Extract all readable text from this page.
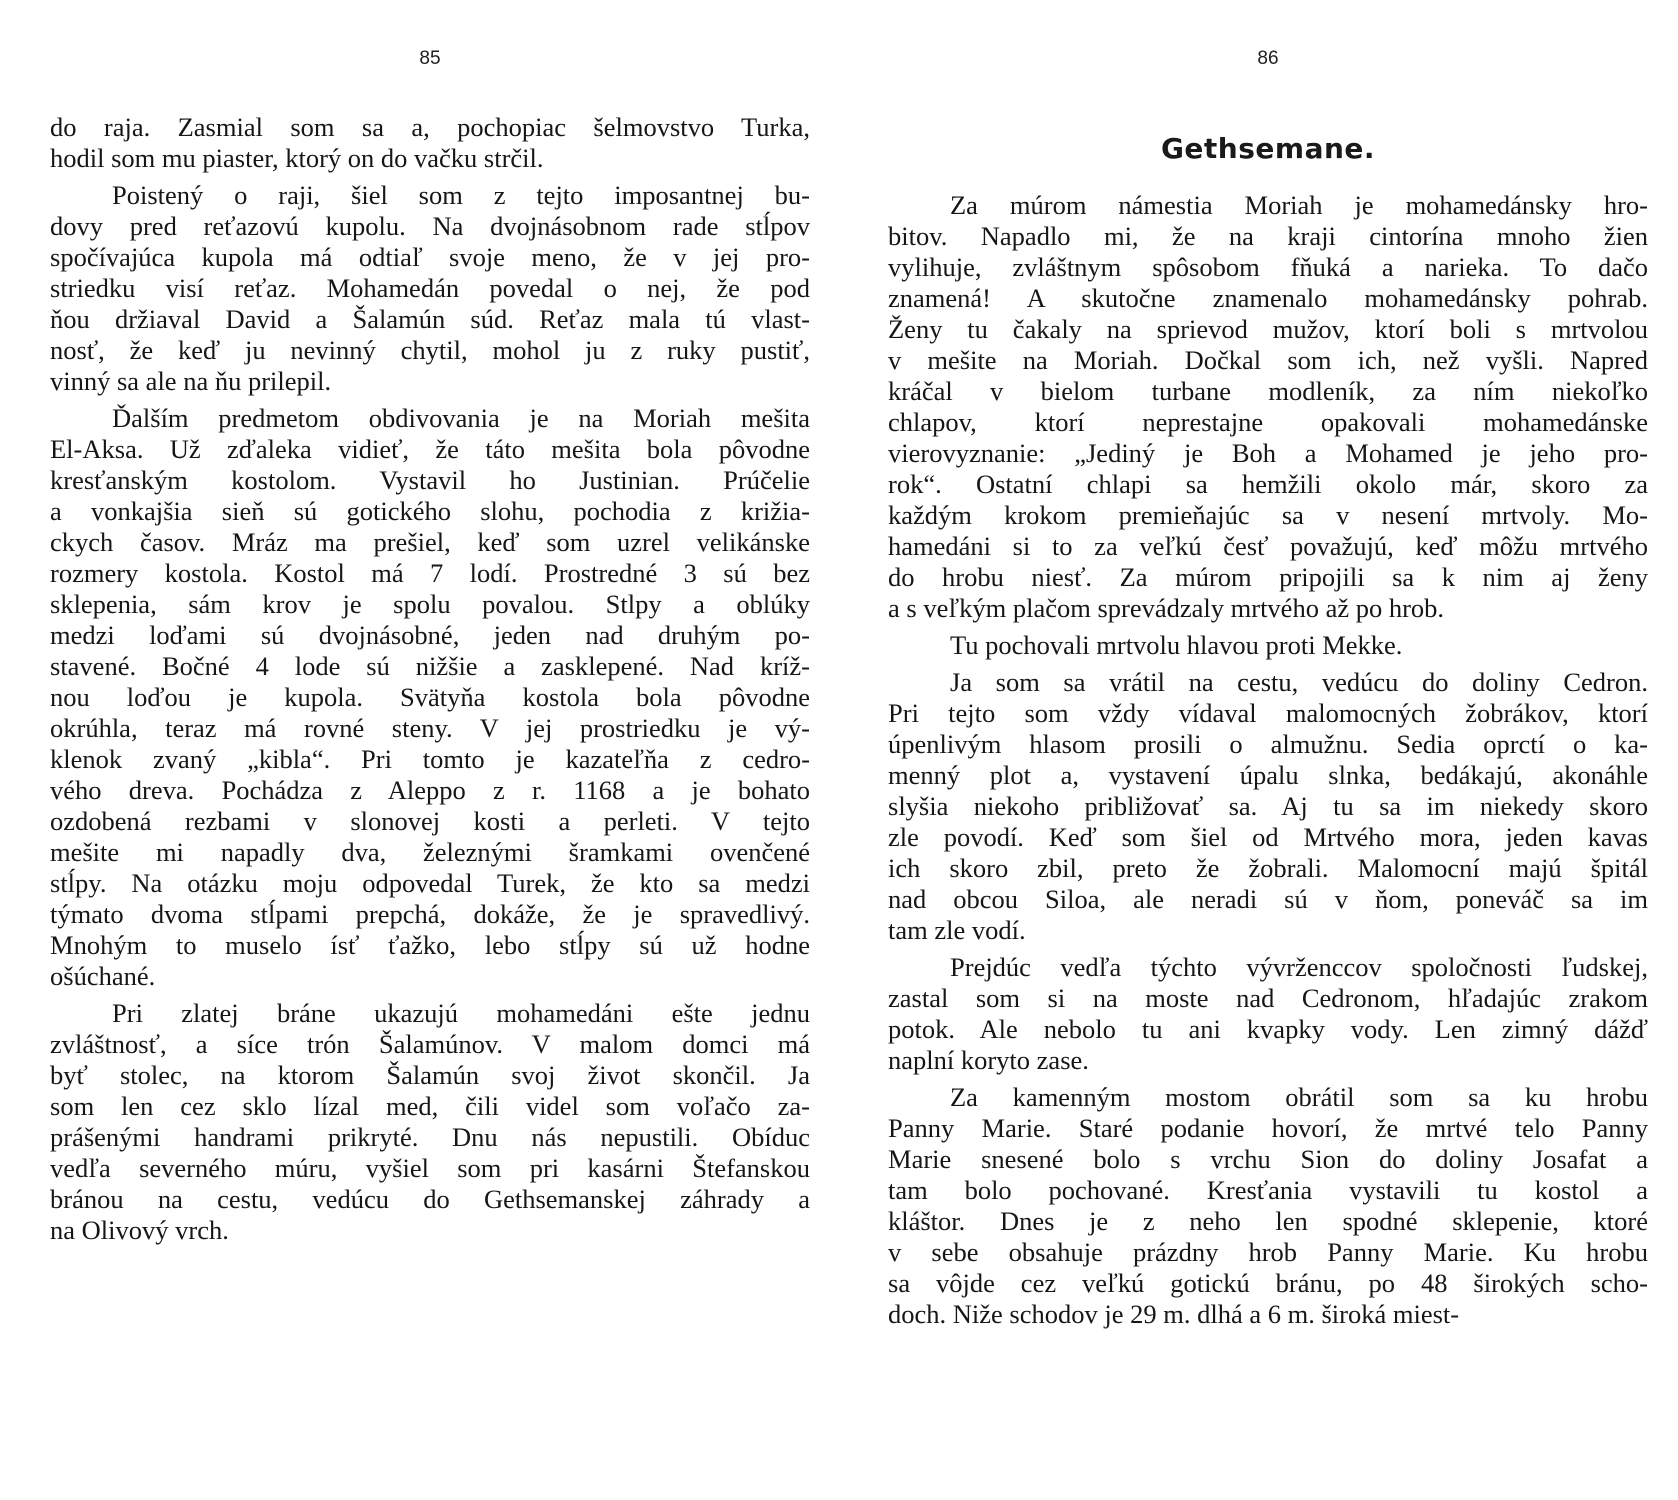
85
do raja. Zasmial som sa a, pochopiac šelmovstvo Turka,
hodil som mu piaster, ktorý on do vačku strčil.
Poistený o raji, šiel som z tejto imposantnej bu-
dovy pred reťazovú kupolu. Na dvojnásobnom rade stĺpov
spočívajúca kupola má odtiaľ svoje meno, že v jej pro-
striedku visí reťaz. Mohamedán povedal o nej, že pod
ňou držiaval David a Šalamún súd. Reťaz mala tú vlast-
nosť, že keď ju nevinný chytil, mohol ju z ruky pustiť,
vinný sa ale na ňu prilepil.
Ďalším predmetom obdivovania je na Moriah mešita
El-Aksa. Už zďaleka vidieť, že táto mešita bola pôvodne
kresťanským kostolom. Vystavil ho Justinian. Prúčelie
a vonkajšia sieň sú gotického slohu, pochodia z križia-
ckych časov. Mráz ma prešiel, keď som uzrel velikánske
rozmery kostola. Kostol má 7 lodí. Prostredné 3 sú bez
sklepenia, sám krov je spolu povalou. Stlpy a oblúky
medzi loďami sú dvojnásobné, jeden nad druhým po-
stavené. Bočné 4 lode sú nižšie a zasklepené. Nad kríž-
nou loďou je kupola. Svätyňa kostola bola pôvodne
okrúhla, teraz má rovné steny. V jej prostriedku je vý-
klenok zvaný „kibla“. Pri tomto je kazateľňa z cedro-
vého dreva. Pochádza z Aleppo z r. 1168 a je bohato
ozdobená rezbami v slonovej kosti a perleti. V tejto
mešite mi napadly dva, železnými šramkami ovenčené
stĺpy. Na otázku moju odpovedal Turek, že kto sa medzi
týmato dvoma stĺpami prepchá, dokáže, že je spravedlivý.
Mnohým to muselo ísť ťažko, lebo stĺpy sú už hodne
ošúchané.
Pri zlatej bráne ukazujú mohamedáni ešte jednu
zvláštnosť, a síce trón Šalamúnov. V malom domci má
byť stolec, na ktorom Šalamún svoj život skončil. Ja
som len cez sklo lízal med, čili videl som voľačo za-
prášenými handrami prikryté. Dnu nás nepustili. Obíduc
vedľa severného múru, vyšiel som pri kasárni Štefanskou
bránou na cestu, vedúcu do Gethsemanskej záhrady a
na Olivový vrch.
86
Gethsemane.
Za múrom námestia Moriah je mohamedánsky hro-
bitov. Napadlo mi, že na kraji cintorína mnoho žien
vylihuje, zvláštnym spôsobom fňuká a narieka. To dačo
znamená! A skutočne znamenalo mohamedánsky pohrab.
Ženy tu čakaly na sprievod mužov, ktorí boli s mrtvolou
v mešite na Moriah. Dočkal som ich, než vyšli. Napred
kráčal v bielom turbane modleník, za ním niekoľko
chlapov, ktorí neprestajne opakovali mohamedánske
vierovyznanie: „Jediný je Boh a Mohamed je jeho pro-
rok“. Ostatní chlapi sa hemžili okolo már, skoro za
každým krokom premieňajúc sa v nesení mrtvoly. Mo-
hamedáni si to za veľkú česť považujú, keď môžu mrtvého
do hrobu niesť. Za múrom pripojili sa k nim aj ženy
a s veľkým plačom sprevádzaly mrtvého až po hrob.
Tu pochovali mrtvolu hlavou proti Mekke.
Ja som sa vrátil na cestu, vedúcu do doliny Cedron.
Pri tejto som vždy vídaval malomocných žobrákov, ktorí
úpenlivým hlasom prosili o almužnu. Sedia oprctí o ka-
menný plot a, vystavení úpalu slnka, bedákajú, akonáhle
slyšia niekoho približovať sa. Aj tu sa im niekedy skoro
zle povodí. Keď som šiel od Mrtvého mora, jeden kavas
ich skoro zbil, preto že žobrali. Malomocní majú špitál
nad obcou Siloa, ale neradi sú v ňom, poneváč sa im
tam zle vodí.
Prejdúc vedľa týchto vývrženccov spoločnosti ľudskej,
zastal som si na moste nad Cedronom, hľadajúc zrakom
potok. Ale nebolo tu ani kvapky vody. Len zimný dážď
naplní koryto zase.
Za kamenným mostom obrátil som sa ku hrobu
Panny Marie. Staré podanie hovorí, že mrtvé telo Panny
Marie snesené bolo s vrchu Sion do doliny Josafat a
tam bolo pochované. Kresťania vystavili tu kostol a
kláštor. Dnes je z neho len spodné sklepenie, ktoré
v sebe obsahuje prázdny hrob Panny Marie. Ku hrobu
sa vôjde cez veľkú gotickú bránu, po 48 širokých scho-
doch. Niže schodov je 29 m. dlhá a 6 m. široká miest-
